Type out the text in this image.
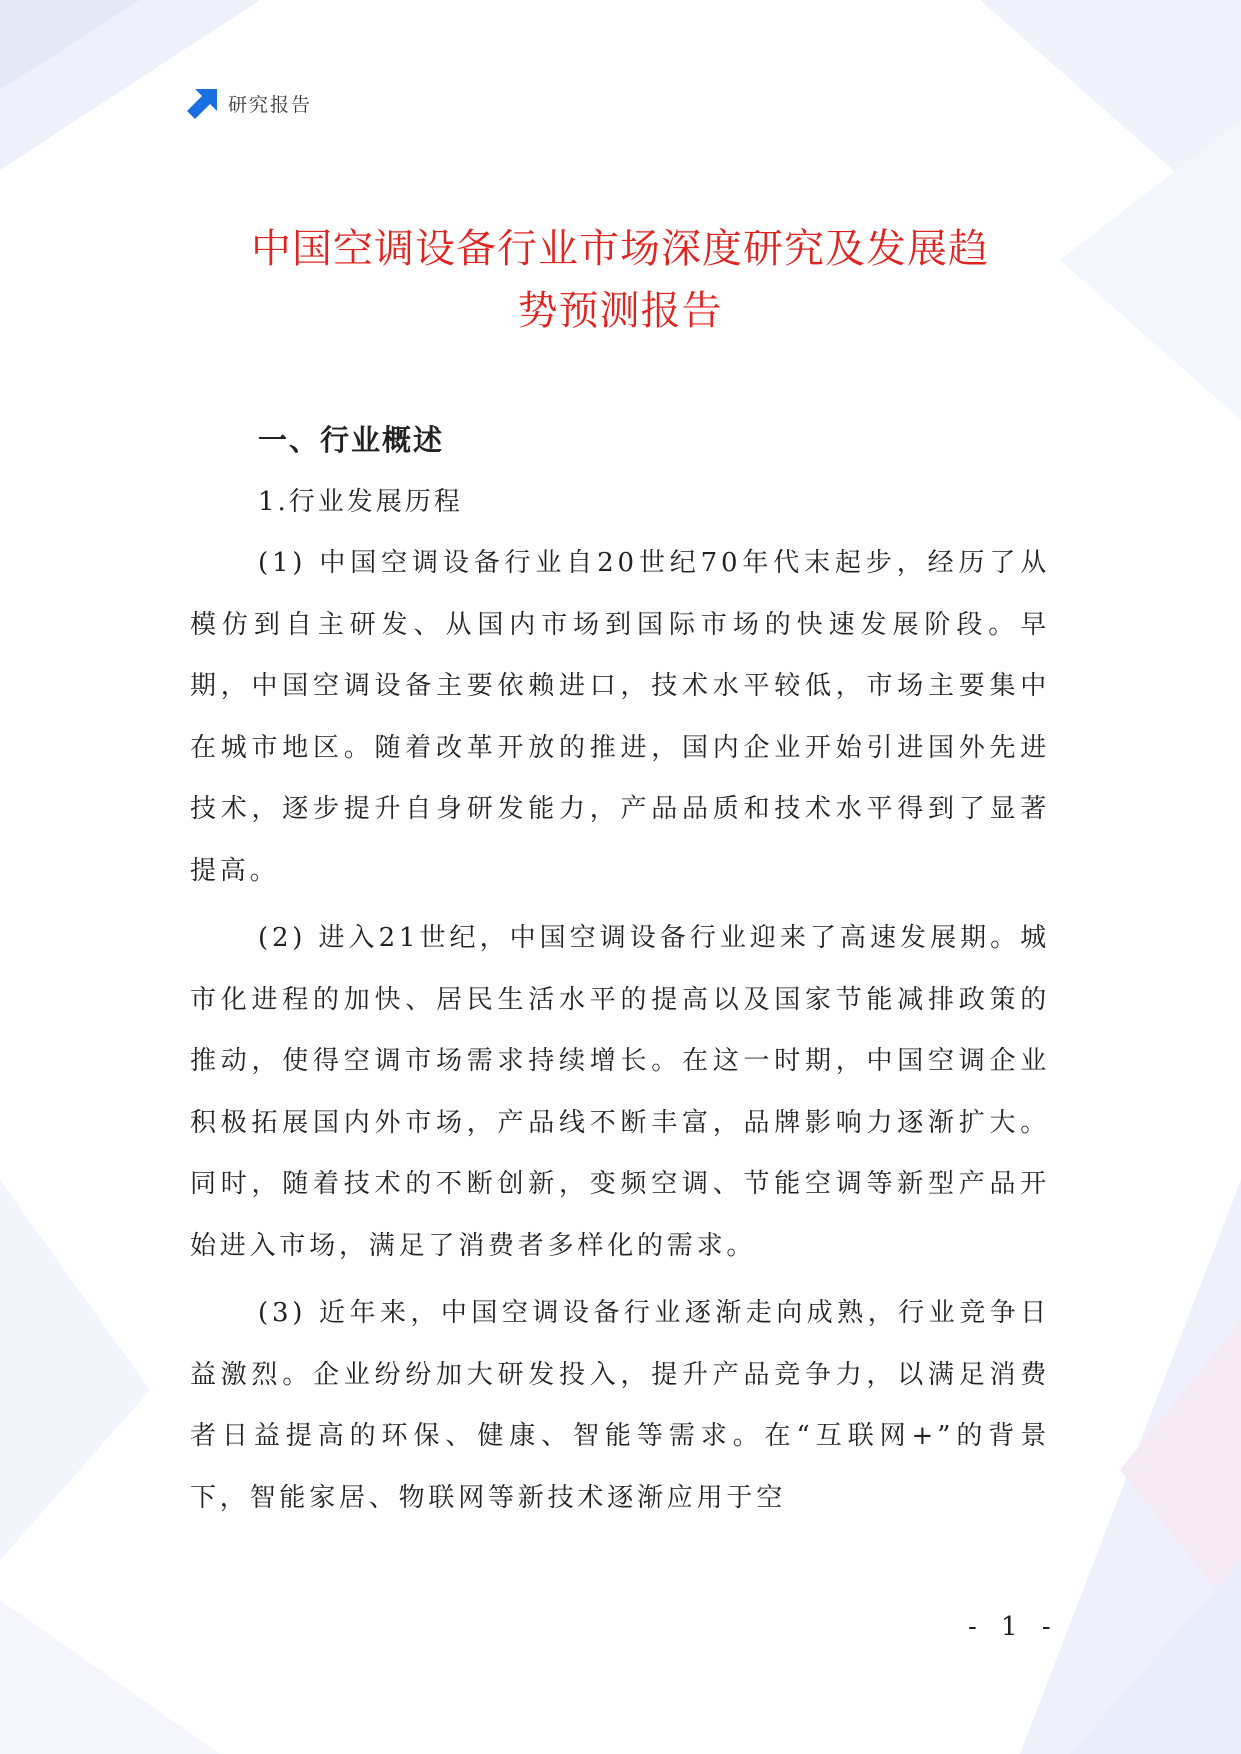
研究报告
中国空调设备行业市场深度研究及发展趋
势预测报告
一、行业概述
1.行业发展历程

(1) 中国空调设备行业自20世纪70年代末起步，经历了从模仿到自主研发、从国内市场到国际市场的快速发展阶段。早期，中国空调设备主要依赖进口，技术水平较低，市场主要集中在城市地区。随着改革开放的推进，国内企业开始引进国外先进技术，逐步提升自身研发能力，产品品质和技术水平得到了显著提高。

(2) 进入21世纪，中国空调设备行业迎来了高速发展期。城市化进程的加快、居民生活水平的提高以及国家节能减排政策的推动，使得空调市场需求持续增长。在这一时期，中国空调企业积极拓展国内外市场，产品线不断丰富，品牌影响力逐渐扩大。同时，随着技术的不断创新，变频空调、节能空调等新型产品开始进入市场，满足了消费者多样化的需求。

(3) 近年来，中国空调设备行业逐渐走向成熟，行业竞争日益激烈。企业纷纷加大研发投入，提升产品竞争力，以满足消费者日益提高的环保、健康、智能等需求。在“互联网+”的背景下，智能家居、物联网等新技术逐渐应用于空

- 1 -
